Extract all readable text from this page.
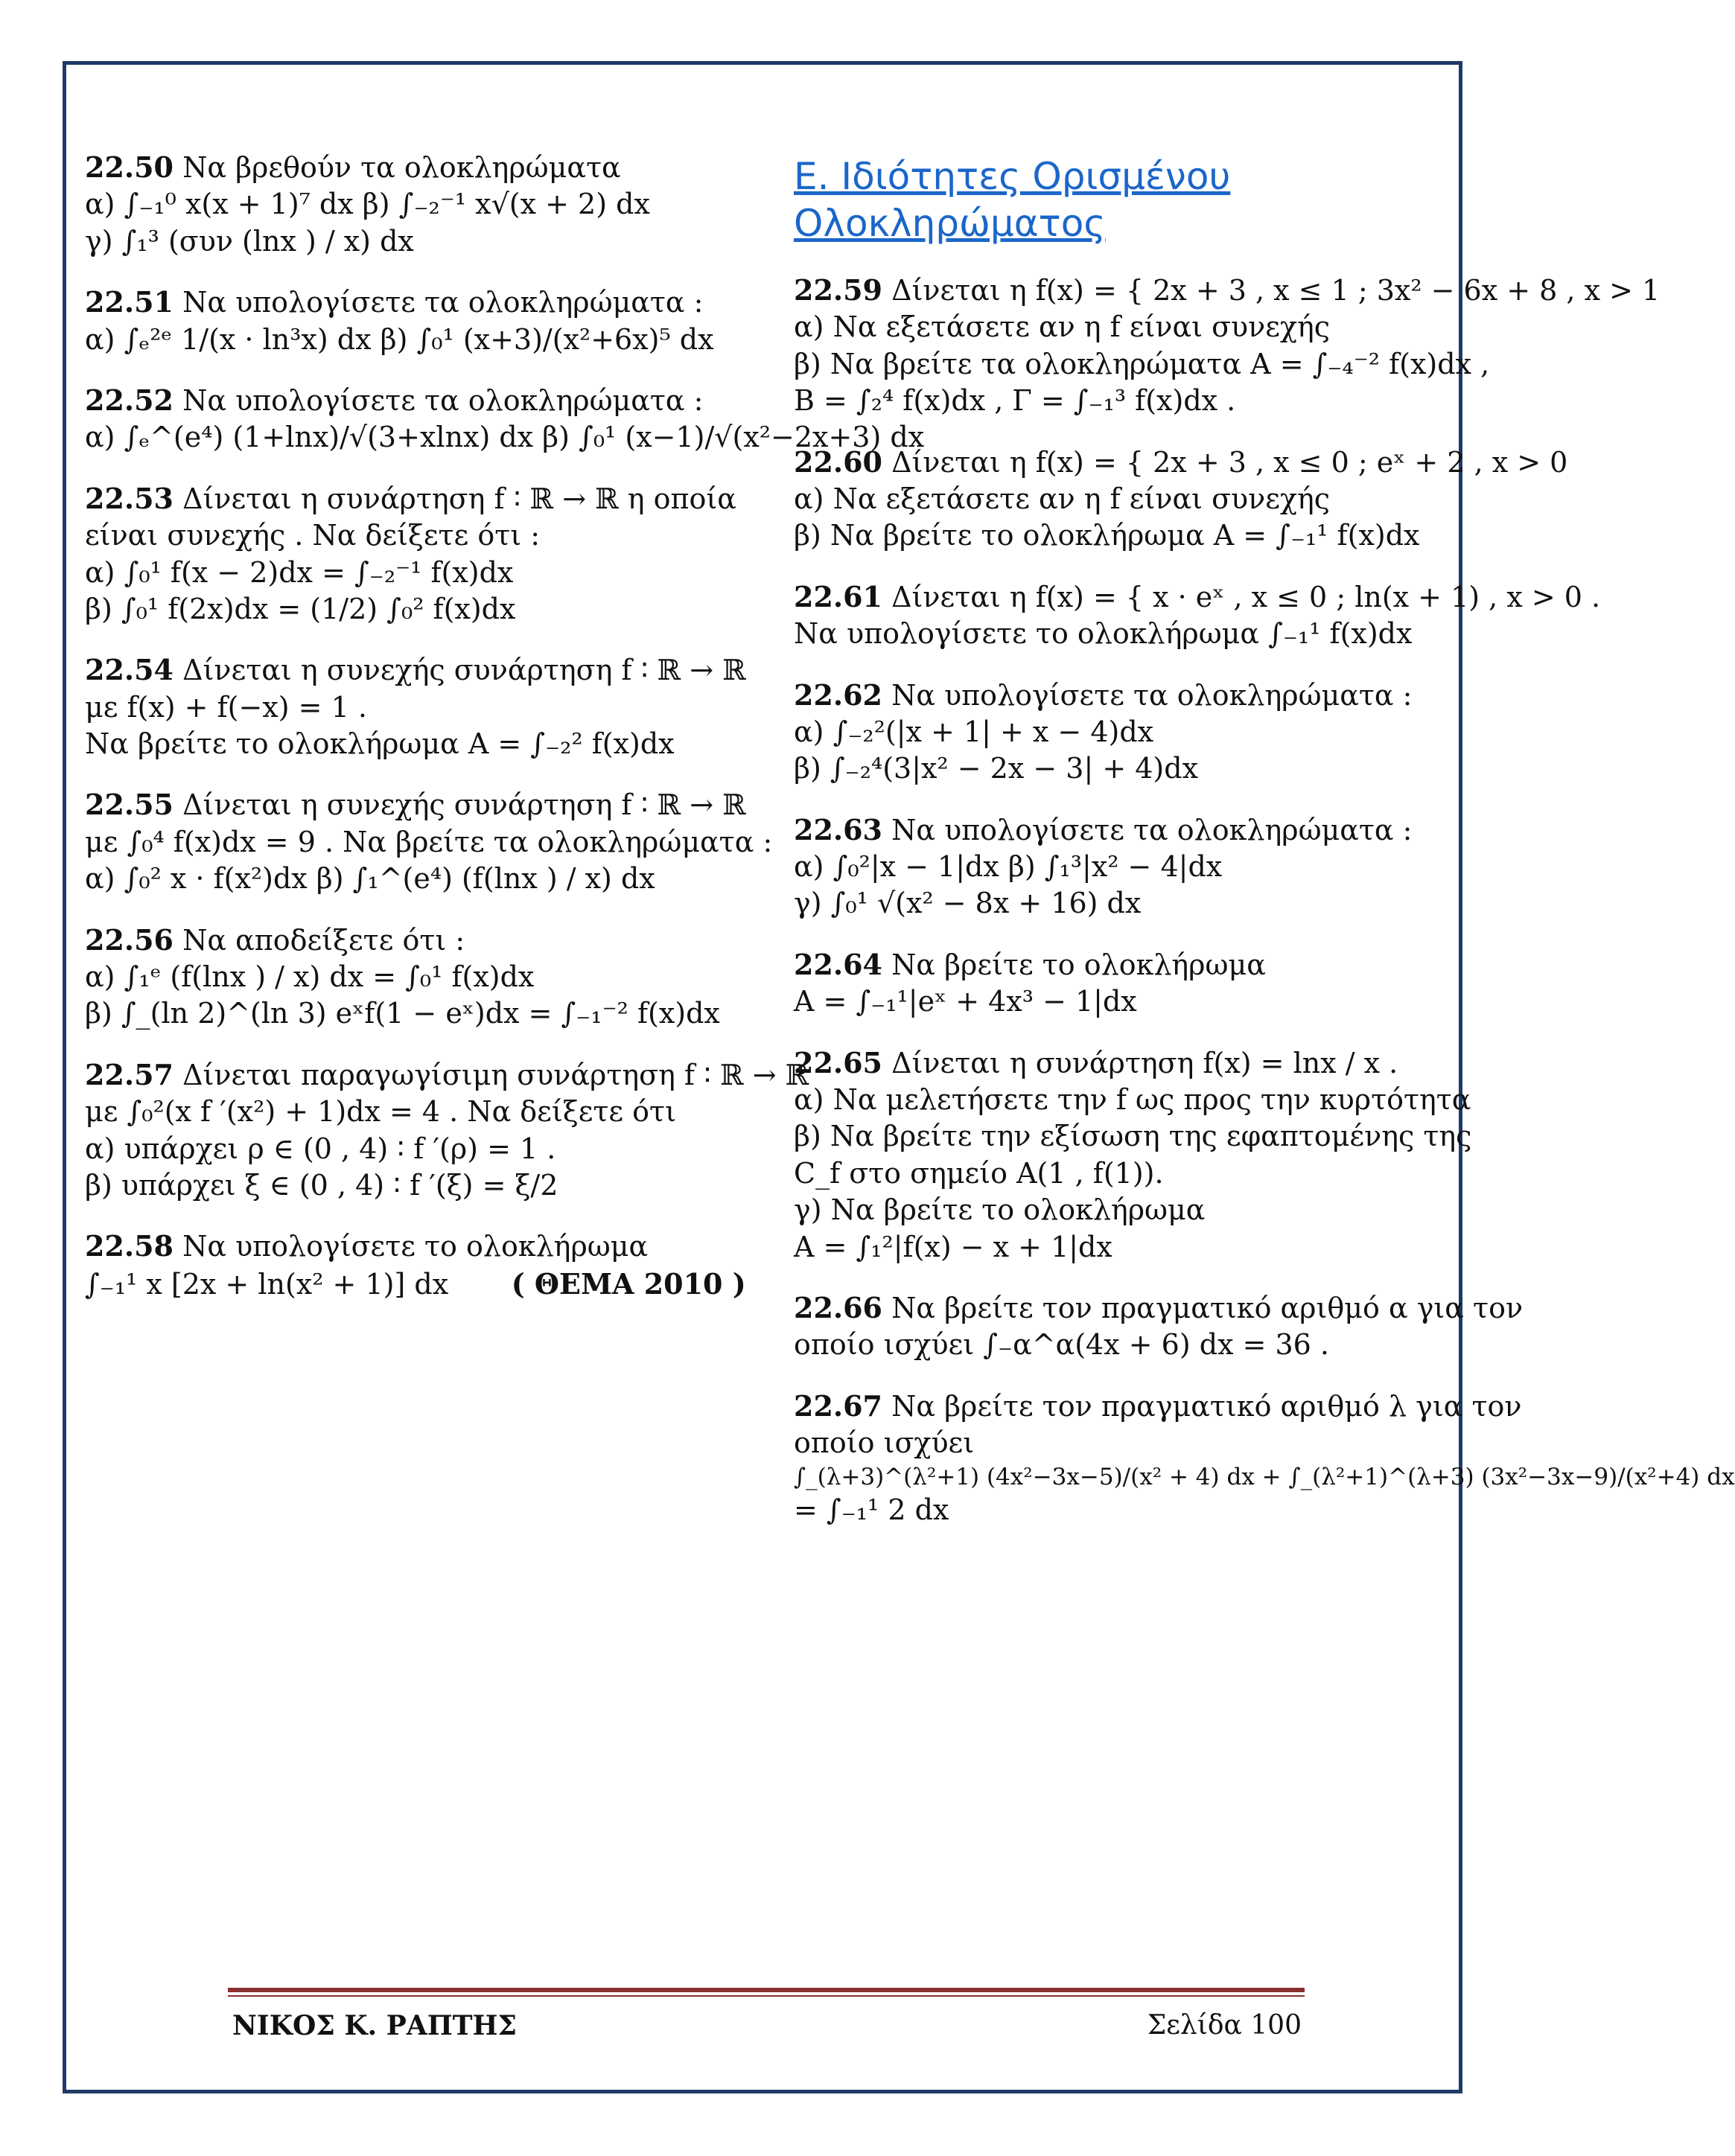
22.50 Να βρεθούν τα ολοκληρώματα
α) ∫₋₁⁰ x(x + 1)⁷ dx β) ∫₋₂⁻¹ x√(x + 2) dx
γ) ∫₁³ (συν (lnx ) / x) dx
22.51 Να υπολογίσετε τα ολοκληρώματα :
α) ∫ₑ²ᵉ 1/(x · ln³x) dx β) ∫₀¹ (x+3)/(x²+6x)⁵ dx
22.52 Να υπολογίσετε τα ολοκληρώματα :
α) ∫ₑ^(e⁴) (1+lnx)/√(3+xlnx) dx β) ∫₀¹ (x−1)/√(x²−2x+3) dx
22.53 Δίνεται η συνάρτηση f ∶ ℝ → ℝ η οποία
είναι συνεχής . Να δείξετε ότι :
α) ∫₀¹ f(x − 2)dx = ∫₋₂⁻¹ f(x)dx
β) ∫₀¹ f(2x)dx = (1/2) ∫₀² f(x)dx
22.54 Δίνεται η συνεχής συνάρτηση f ∶ ℝ → ℝ
με f(x) + f(−x) = 1 .
Να βρείτε το ολοκλήρωμα A = ∫₋₂² f(x)dx
22.55 Δίνεται η συνεχής συνάρτηση f ∶ ℝ → ℝ
με ∫₀⁴ f(x)dx = 9 . Να βρείτε τα ολοκληρώματα :
α) ∫₀² x · f(x²)dx β) ∫₁^(e⁴) (f(lnx ) / x) dx
22.56 Να αποδείξετε ότι :
α) ∫₁ᵉ (f(lnx ) / x) dx = ∫₀¹ f(x)dx
β) ∫_(ln 2)^(ln 3) eˣf(1 − eˣ)dx = ∫₋₁⁻² f(x)dx
22.57 Δίνεται παραγωγίσιμη συνάρτηση f ∶ ℝ → ℝ
με ∫₀²(x f ′(x²) + 1)dx = 4 . Να δείξετε ότι
α) υπάρχει ρ ∈ (0 , 4) ∶ f ′(ρ) = 1 .
β) υπάρχει ξ ∈ (0 , 4) ∶ f ′(ξ) = ξ/2
22.58 Να υπολογίσετε το ολοκλήρωμα
∫₋₁¹ x [2x + ln(x² + 1)] dx ( ΘΕΜΑ 2010 )
Ε. Ιδιότητες Ορισμένου
Ολοκληρώματος
22.59 Δίνεται η f(x) = { 2x + 3 , x ≤ 1 ; 3x² − 6x + 8 , x > 1
α) Να εξετάσετε αν η f είναι συνεχής
β) Να βρείτε τα ολοκληρώματα A = ∫₋₄⁻² f(x)dx ,
B = ∫₂⁴ f(x)dx , Γ = ∫₋₁³ f(x)dx .
22.60 Δίνεται η f(x) = { 2x + 3 , x ≤ 0 ; eˣ + 2 , x > 0
α) Να εξετάσετε αν η f είναι συνεχής
β) Να βρείτε το ολοκλήρωμα A = ∫₋₁¹ f(x)dx
22.61 Δίνεται η f(x) = { x · eˣ , x ≤ 0 ; ln(x + 1) , x > 0 .
Να υπολογίσετε το ολοκλήρωμα ∫₋₁¹ f(x)dx
22.62 Να υπολογίσετε τα ολοκληρώματα :
α) ∫₋₂²(|x + 1| + x − 4)dx
β) ∫₋₂⁴(3|x² − 2x − 3| + 4)dx
22.63 Να υπολογίσετε τα ολοκληρώματα :
α) ∫₀²|x − 1|dx β) ∫₁³|x² − 4|dx
γ) ∫₀¹ √(x² − 8x + 16) dx
22.64 Να βρείτε το ολοκλήρωμα
A = ∫₋₁¹|eˣ + 4x³ − 1|dx
22.65 Δίνεται η συνάρτηση f(x) = lnx / x .
α) Να μελετήσετε την f ως προς την κυρτότητα
β) Να βρείτε την εξίσωση της εφαπτομένης της
C_f στο σημείο A(1 , f(1)).
γ) Να βρείτε το ολοκλήρωμα
A = ∫₁²|f(x) − x + 1|dx
22.66 Να βρείτε τον πραγματικό αριθμό α για τον
οποίο ισχύει ∫₋α^α(4x + 6) dx = 36 .
22.67 Να βρείτε τον πραγματικό αριθμό λ για τον
οποίο ισχύει
∫_(λ+3)^(λ²+1) (4x²−3x−5)/(x² + 4) dx + ∫_(λ²+1)^(λ+3) (3x²−3x−9)/(x²+4) dx
= ∫₋₁¹ 2 dx
ΝΙΚΟΣ Κ. ΡΑΠΤΗΣ	Σελίδα 100
